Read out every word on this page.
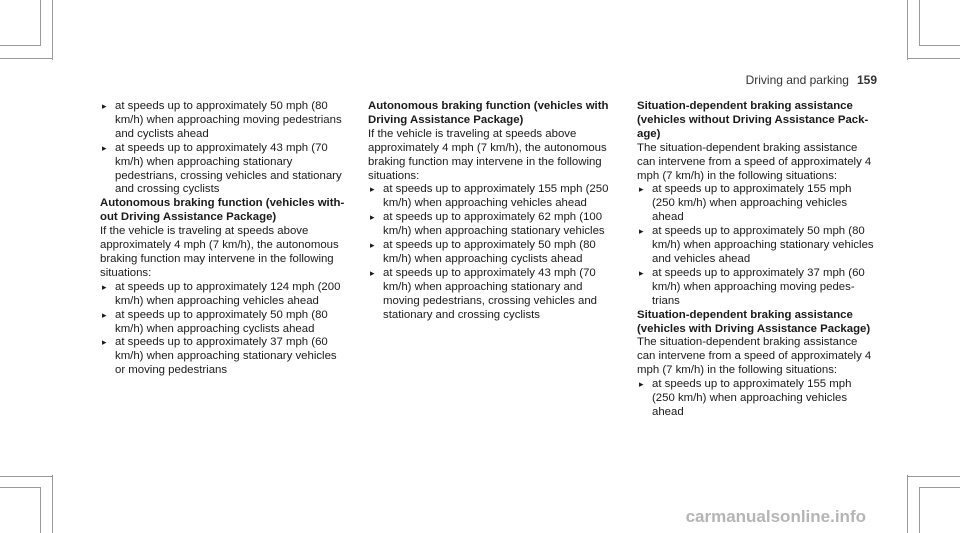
Driving and parking 159
▸ at speeds up to approximately 50 mph (80 km/h) when approaching moving pedestrians and cyclists ahead
▸ at speeds up to approximately 43 mph (70 km/h) when approaching stationary pedestrians, crossing vehicles and stationary and crossing cyclists
Autonomous braking function (vehicles without Driving Assistance Package)

If the vehicle is traveling at speeds above approximately 4 mph (7 km/h), the autonomous braking function may intervene in the following situations:

▸ at speeds up to approximately 124 mph (200 km/h) when approaching vehicles ahead
▸ at speeds up to approximately 50 mph (80 km/h) when approaching cyclists ahead
▸ at speeds up to approximately 37 mph (60 km/h) when approaching stationary vehicles or moving pedestrians
Autonomous braking function (vehicles with Driving Assistance Package)

If the vehicle is traveling at speeds above approximately 4 mph (7 km/h), the autonomous braking function may intervene in the following situations:

▸ at speeds up to approximately 155 mph (250 km/h) when approaching vehicles ahead
▸ at speeds up to approximately 62 mph (100 km/h) when approaching stationary vehicles
▸ at speeds up to approximately 50 mph (80 km/h) when approaching cyclists ahead
▸ at speeds up to approximately 43 mph (70 km/h) when approaching stationary and moving pedestrians, crossing vehicles and stationary and crossing cyclists
Situation-dependent braking assistance (vehicles without Driving Assistance Package)

The situation-dependent braking assistance can intervene from a speed of approximately 4 mph (7 km/h) in the following situations:

▸ at speeds up to approximately 155 mph (250 km/h) when approaching vehicles ahead
▸ at speeds up to approximately 50 mph (80 km/h) when approaching stationary vehicles and vehicles ahead
▸ at speeds up to approximately 37 mph (60 km/h) when approaching moving pedestrians
Situation-dependent braking assistance (vehicles with Driving Assistance Package)

The situation-dependent braking assistance can intervene from a speed of approximately 4 mph (7 km/h) in the following situations:

▸ at speeds up to approximately 155 mph (250 km/h) when approaching vehicles ahead
carmanualsonline.info
